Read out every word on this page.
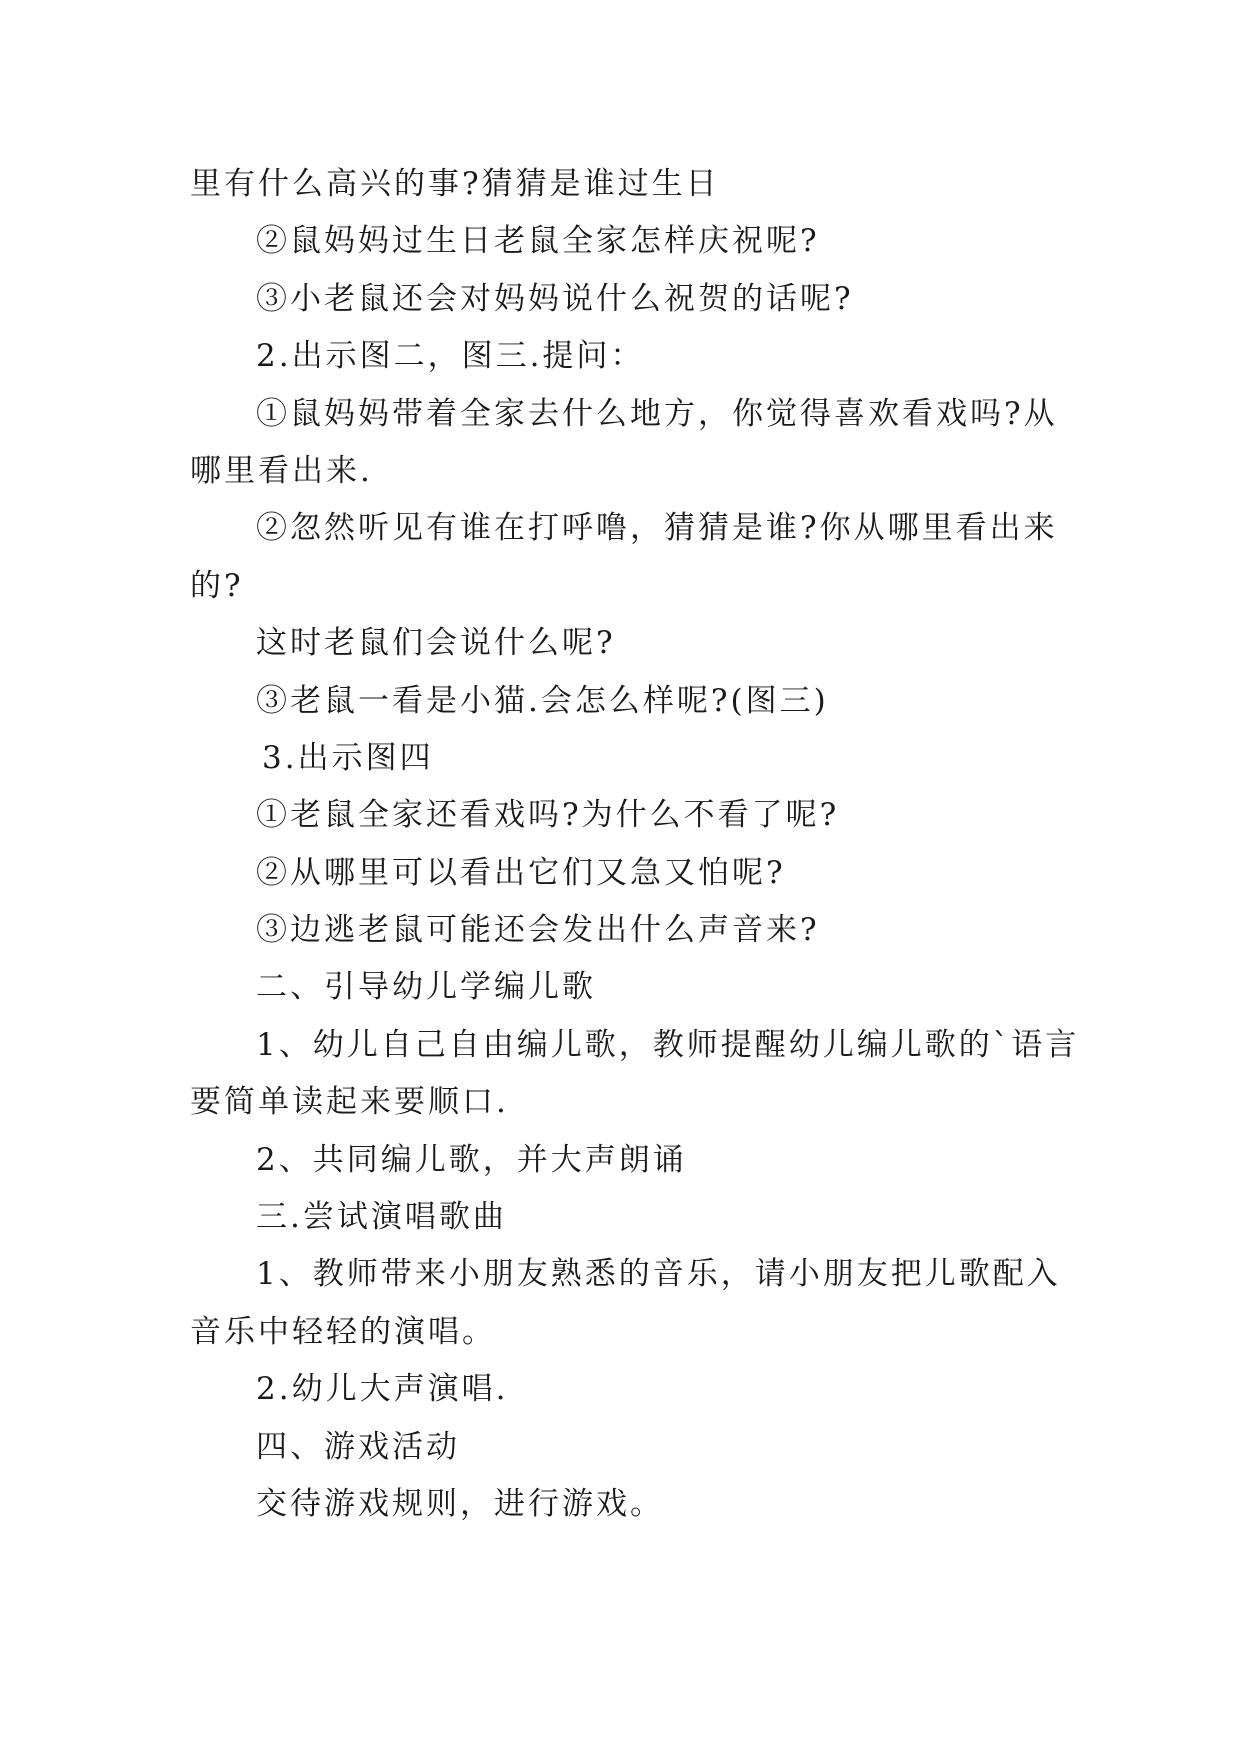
里有什么高兴的事?猜猜是谁过生日
②鼠妈妈过生日老鼠全家怎样庆祝呢?
③小老鼠还会对妈妈说什么祝贺的话呢?
2.出示图二，图三.提问：
①鼠妈妈带着全家去什么地方，你觉得喜欢看戏吗?从
哪里看出来.
②忽然听见有谁在打呼噜，猜猜是谁?你从哪里看出来
的?
这时老鼠们会说什么呢?
③老鼠一看是小猫.会怎么样呢?(图三)
3.出示图四
①老鼠全家还看戏吗?为什么不看了呢?
②从哪里可以看出它们又急又怕呢?
③边逃老鼠可能还会发出什么声音来?
二、引导幼儿学编儿歌
1、幼儿自己自由编儿歌，教师提醒幼儿编儿歌的`语言
要简单读起来要顺口.
2、共同编儿歌，并大声朗诵
三.尝试演唱歌曲
1、教师带来小朋友熟悉的音乐，请小朋友把儿歌配入
音乐中轻轻的演唱。
2.幼儿大声演唱.
四、游戏活动
交待游戏规则，进行游戏。
